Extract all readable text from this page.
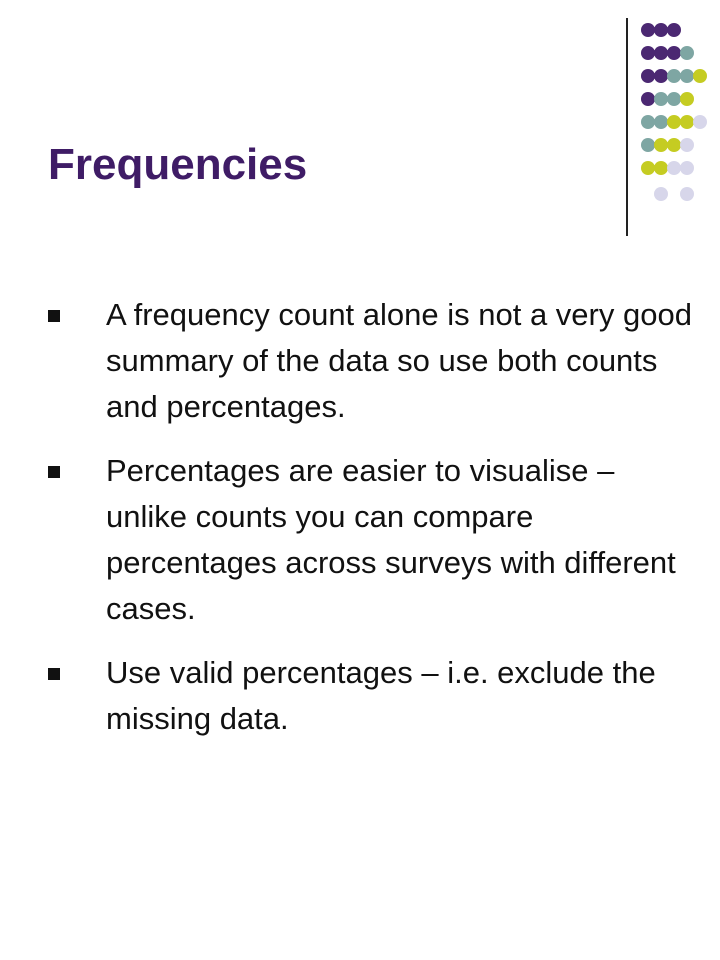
Frequencies
A frequency count alone is not a very good summary of the data so use both counts and percentages.
Percentages are easier to visualise – unlike counts you can compare percentages across surveys with different cases.
Use valid percentages – i.e. exclude the missing data.
